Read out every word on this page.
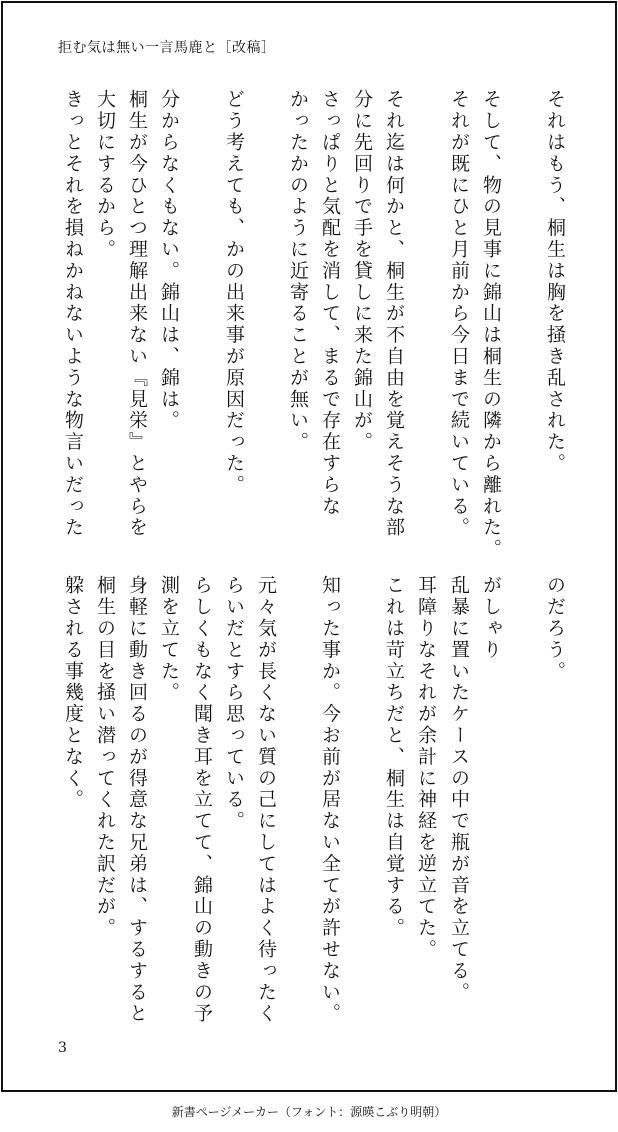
拒む気は無い一言馬鹿と［改稿］
それはもう、桐生は胸を掻き乱された。
そして、物の見事に錦山は桐生の隣から離れた。
それが既にひと月前から今日まで続いている。
それ迄は何かと、桐生が不自由を覚えそうな部
分に先回りで手を貸しに来た錦山が。
さっぱりと気配を消して、まるで存在すらな
かったかのように近寄ることが無い。
どう考えても、かの出来事が原因だった。
分からなくもない。錦山は、錦は。
桐生が今ひとつ理解出来ない『見栄』とやらを
大切にするから。
きっとそれを損ねかねないような物言いだった
のだろう。
がしゃり
乱暴に置いたケースの中で瓶が音を立てる。
耳障りなそれが余計に神経を逆立てた。
これは苛立ちだと、桐生は自覚する。
知った事か。今お前が居ない全てが許せない。
元々気が長くない質の己にしてはよく待ったく
らいだとすら思っている。
らしくもなく聞き耳を立てて、錦山の動きの予
測を立てた。
身軽に動き回るのが得意な兄弟は、するすると
桐生の目を掻い潜ってくれた訳だが。
躱される事幾度となく。
3
新書ページメーカー（フォント：源暎こぶり明朝）
